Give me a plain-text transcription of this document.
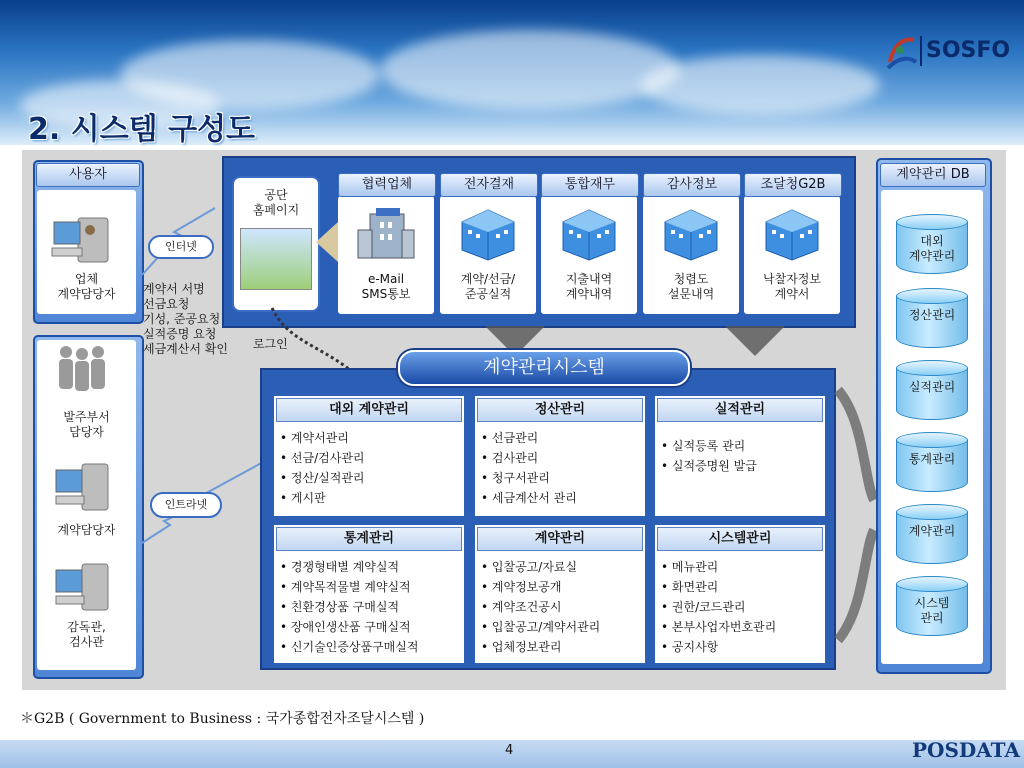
SOSFO
2. 시스템 구성도
사용자
업체
계약담당자
발주부서
담당자
계약담당자
감독관,
검사관
인터넷
계약서 서명
선금요청
기성, 준공요청
실적증명 요청
세금계산서 확인
인트라넷
공단
홈페이지
협력업체
e-Mail
SMS통보
전자결재
계약/선금/
준공실적
통합재무
지출내역
계약내역
감사정보
청렴도
설문내역
조달청G2B
낙찰자정보
계약서
로그인
계약관리시스템
대외 계약관리
• 계약서관리
• 선금/검사관리
• 정산/실적관리
• 게시판
정산관리
• 선금관리
• 검사관리
• 청구서관리
• 세금계산서 관리
실적관리
• 실적등록 관리
• 실적증명원 발급
통계관리
• 경쟁형태별 계약실적
• 계약목적물별 계약실적
• 친환경상품 구매실적
• 장애인생산품 구매실적
• 신기술인증상품구매실적
계약관리
• 입찰공고/자료실
• 계약정보공개
• 계약조건공시
• 입찰공고/계약서관리
• 업체정보관리
시스템관리
• 메뉴관리
• 화면관리
• 권한/코드관리
• 본부사업자번호관리
• 공지사항
계약관리 DB
대외
계약관리
정산관리
실적관리
통계관리
계약관리
시스템
관리
＊G2B ( Government to Business : 국가종합전자조달시스템 )
4	POSDATA
